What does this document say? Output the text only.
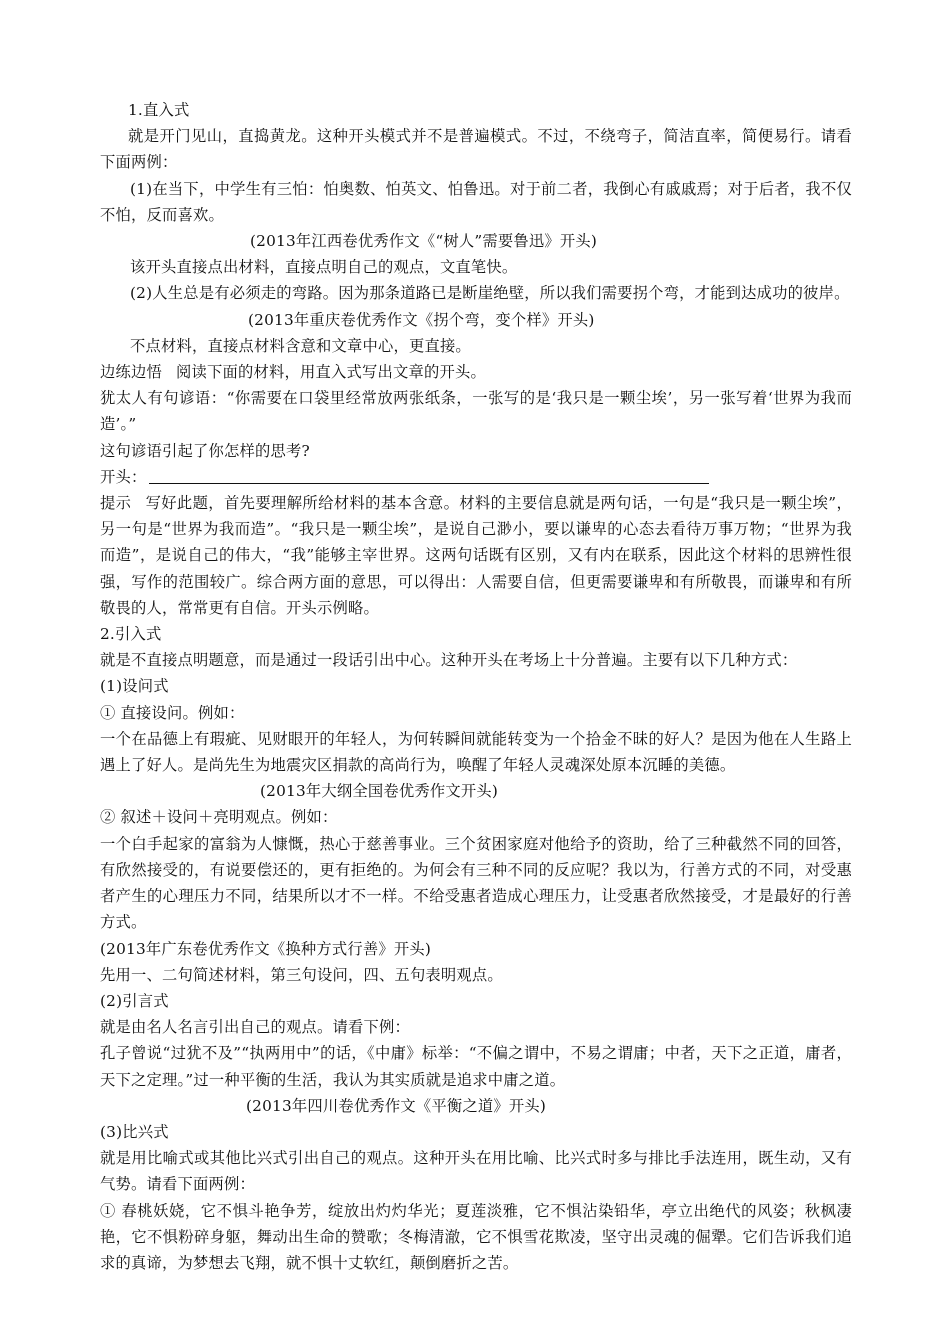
1.直入式

就是开门见山，直捣黄龙。这种开头模式并不是普遍模式。不过，不绕弯子，简洁直率，简便易行。请看下面两例：

(1)在当下，中学生有三怕：怕奥数、怕英文、怕鲁迅。对于前二者，我倒心有戚戚焉；对于后者，我不仅不怕，反而喜欢。

(2013年江西卷优秀作文《“树人”需要鲁迅》开头)

该开头直接点出材料，直接点明自己的观点，文直笔快。

(2)人生总是有必须走的弯路。因为那条道路已是断崖绝壁，所以我们需要拐个弯，才能到达成功的彼岸。

(2013年重庆卷优秀作文《拐个弯，变个样》开头)

不点材料，直接点材料含意和文章中心，更直接。

边练边悟 阅读下面的材料，用直入式写出文章的开头。

犹太人有句谚语：“你需要在口袋里经常放两张纸条，一张写的是‘我只是一颗尘埃’，另一张写着‘世界为我而造’。”

这句谚语引起了你怎样的思考?

开头：

提示 写好此题，首先要理解所给材料的基本含意。材料的主要信息就是两句话，一句是“我只是一颗尘埃”，另一句是“世界为我而造”。“我只是一颗尘埃”，是说自己渺小，要以谦卑的心态去看待万事万物；“世界为我而造”，是说自己的伟大，“我”能够主宰世界。这两句话既有区别，又有内在联系，因此这个材料的思辨性很强，写作的范围较广。综合两方面的意思，可以得出：人需要自信，但更需要谦卑和有所敬畏，而谦卑和有所敬畏的人，常常更有自信。开头示例略。

2.引入式

就是不直接点明题意，而是通过一段话引出中心。这种开头在考场上十分普遍。主要有以下几种方式：

(1)设问式

① 直接设问。例如：

一个在品德上有瑕疵、见财眼开的年轻人，为何转瞬间就能转变为一个拾金不昧的好人？是因为他在人生路上遇上了好人。是尚先生为地震灾区捐款的高尚行为，唤醒了年轻人灵魂深处原本沉睡的美德。

(2013年大纲全国卷优秀作文开头)

② 叙述＋设问＋亮明观点。例如：

一个白手起家的富翁为人慷慨，热心于慈善事业。三个贫困家庭对他给予的资助，给了三种截然不同的回答，有欣然接受的，有说要偿还的，更有拒绝的。为何会有三种不同的反应呢？我以为，行善方式的不同，对受惠者产生的心理压力不同，结果所以才不一样。不给受惠者造成心理压力，让受惠者欣然接受，才是最好的行善方式。

(2013年广东卷优秀作文《换种方式行善》开头)

先用一、二句简述材料，第三句设问，四、五句表明观点。

(2)引言式

就是由名人名言引出自己的观点。请看下例：

孔子曾说“过犹不及”“执两用中”的话，《中庸》标举：“不偏之谓中，不易之谓庸；中者，天下之正道，庸者，天下之定理。”过一种平衡的生活，我认为其实质就是追求中庸之道。

(2013年四川卷优秀作文《平衡之道》开头)

(3)比兴式

就是用比喻式或其他比兴式引出自己的观点。这种开头在用比喻、比兴式时多与排比手法连用，既生动，又有气势。请看下面两例：

① 春桃妖娆，它不惧斗艳争芳，绽放出灼灼华光；夏莲淡雅，它不惧沾染铅华，亭立出绝代的风姿；秋枫凄艳，它不惧粉碎身躯，舞动出生命的赞歌；冬梅清澈，它不惧雪花欺凌，坚守出灵魂的倔犟。它们告诉我们追求的真谛，为梦想去飞翔，就不惧十丈软红，颠倒磨折之苦。
